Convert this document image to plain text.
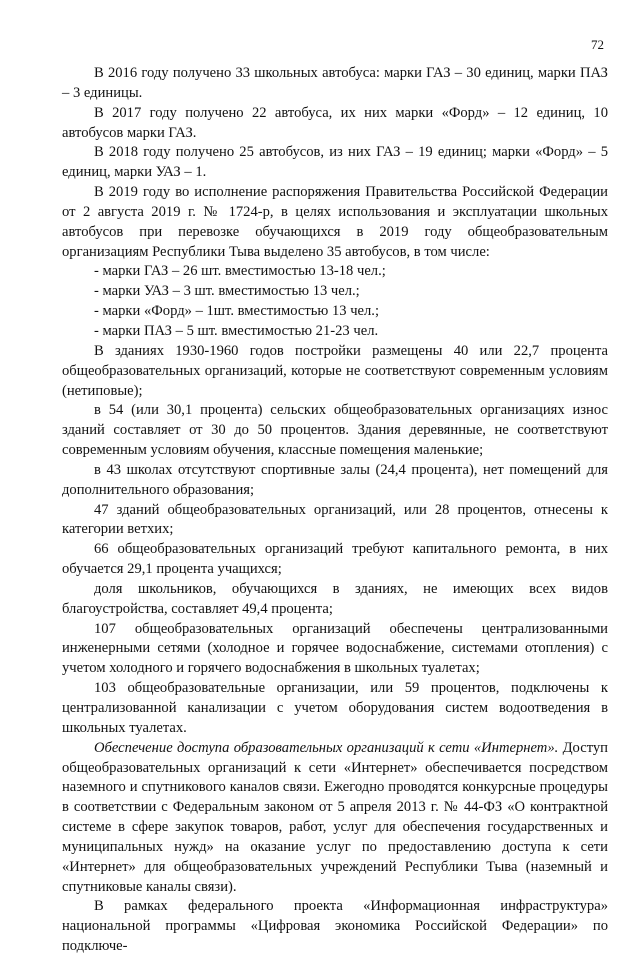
72

В 2016 году получено 33 школьных автобуса: марки ГАЗ – 30 единиц, марки ПАЗ – 3 единицы.

В 2017 году получено 22 автобуса, их них марки «Форд» – 12 единиц, 10 автобусов марки ГАЗ.

В 2018 году получено 25 автобусов, из них ГАЗ – 19 единиц; марки «Форд» – 5 единиц, марки УАЗ – 1.

В 2019 году во исполнение распоряжения Правительства Российской Федерации от 2 августа 2019 г. № 1724-р, в целях использования и эксплуатации школьных автобусов при перевозке обучающихся в 2019 году общеобразовательным организациям Республики Тыва выделено 35 автобусов, в том числе:

- марки ГАЗ – 26 шт. вместимостью 13-18 чел.;

- марки УАЗ – 3 шт. вместимостью 13 чел.;

- марки «Форд» – 1шт. вместимостью 13 чел.;

- марки ПАЗ – 5 шт. вместимостью 21-23 чел.

В зданиях 1930-1960 годов постройки размещены 40 или 22,7 процента общеобразовательных организаций, которые не соответствуют современным условиям (нетиповые);

в 54 (или 30,1 процента) сельских общеобразовательных организациях износ зданий составляет от 30 до 50 процентов. Здания деревянные, не соответствуют современным условиям обучения, классные помещения маленькие;

в 43 школах отсутствуют спортивные залы (24,4 процента), нет помещений для дополнительного образования;

47 зданий общеобразовательных организаций, или 28 процентов, отнесены к категории ветхих;

66 общеобразовательных организаций требуют капитального ремонта, в них обучается 29,1 процента учащихся;

доля школьников, обучающихся в зданиях, не имеющих всех видов благоустройства, составляет 49,4 процента;

107 общеобразовательных организаций обеспечены централизованными инженерными сетями (холодное и горячее водоснабжение, системами отопления) с учетом холодного и горячего водоснабжения в школьных туалетах;

103 общеобразовательные организации, или 59 процентов, подключены к централизованной канализации с учетом оборудования систем водоотведения в школьных туалетах.

Обеспечение доступа образовательных организаций к сети «Интернет». Доступ общеобразовательных организаций к сети «Интернет» обеспечивается посредством наземного и спутникового каналов связи. Ежегодно проводятся конкурсные процедуры в соответствии с Федеральным законом от 5 апреля 2013 г. № 44-ФЗ «О контрактной системе в сфере закупок товаров, работ, услуг для обеспечения государственных и муниципальных нужд» на оказание услуг по предоставлению доступа к сети «Интернет» для общеобразовательных учреждений Республики Тыва (наземный и спутниковые каналы связи).

В рамках федерального проекта «Информационная инфраструктура» национальной программы «Цифровая экономика Российской Федерации» по подключе-
